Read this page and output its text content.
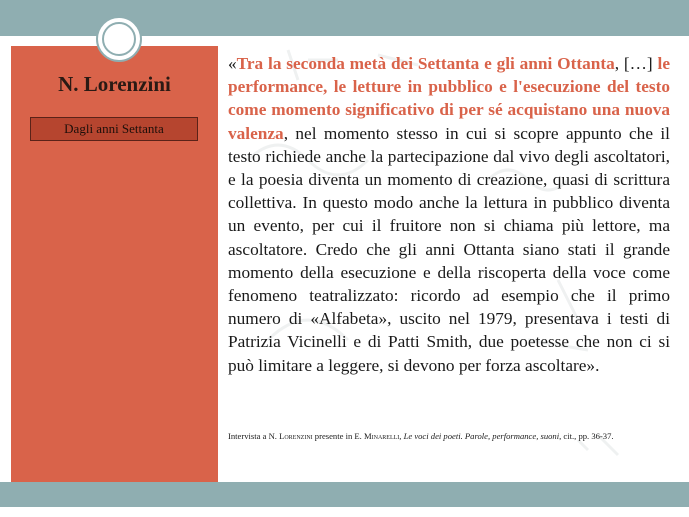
N. Lorenzini
Dagli anni Settanta
«Tra la seconda metà dei Settanta e gli anni Ottanta, […] le performance, le letture in pubblico e l'esecuzione del testo come momento significativo di per sé acquistano una nuova valenza, nel momento stesso in cui si scopre appunto che il testo richiede anche la partecipazione dal vivo degli ascoltatori, e la poesia diventa un momento di creazione, quasi di scrittura collettiva. In questo modo anche la lettura in pubblico diventa un evento, per cui il fruitore non si chiama più lettore, ma ascoltatore. Credo che gli anni Ottanta siano stati il grande momento della esecuzione e della riscoperta della voce come fenomeno teatralizzato: ricordo ad esempio che il primo numero di «Alfabeta», uscito nel 1979, presentava i testi di Patrizia Vicinelli e di Patti Smith, due poetesse che non ci si può limitare a leggere, si devono per forza ascoltare».
Intervista a N. Lorenzini presente in E. Minarelli, Le voci dei poeti. Parole, performance, suoni, cit., pp. 36-37.
